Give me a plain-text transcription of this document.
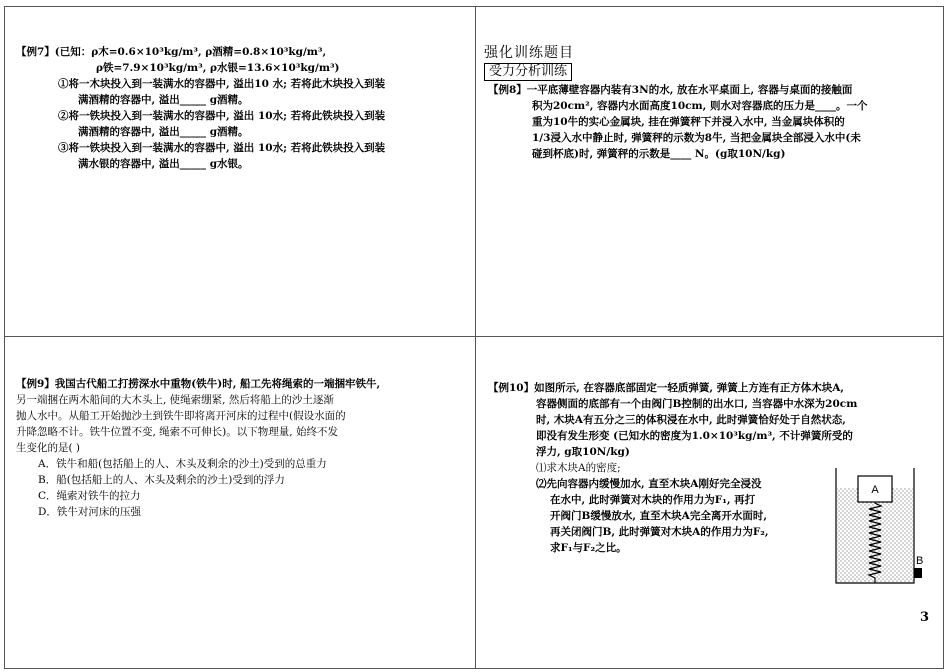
【例7】(已知：ρ木=0.6×10³kg/m³, ρ酒精=0.8×10³kg/m³,

ρ铁=7.9×10³kg/m³, ρ水银=13.6×10³kg/m³)

①将一木块投入到一装满水的容器中, 溢出10 水; 若将此木块投入到装

满酒精的容器中, 溢出_____ g酒精。

②将一铁块投入到一装满水的容器中, 溢出 10水; 若将此铁块投入到装

满酒精的容器中, 溢出_____ g酒精。

③将一铁块投入到一装满水的容器中, 溢出 10水; 若将此铁块投入到装

满水银的容器中, 溢出_____ g水银。

强化训练题目
受力分析训练

【例8】一平底薄壁容器内装有3N的水, 放在水平桌面上, 容器与桌面的接触面

积为20cm², 容器内水面高度10cm, 则水对容器底的压力是____。一个

重为10牛的实心金属块, 挂在弹簧秤下并浸入水中, 当金属块体积的

1/3浸入水中静止时, 弹簧秤的示数为8牛, 当把金属块全部浸入水中(未

碰到杯底)时, 弹簧秤的示数是____ N。(g取10N/kg)

【例9】我国古代船工打捞深水中重物(铁牛)时, 船工先将绳索的一端捆牢铁牛,

另一端捆在两木船间的大木头上, 使绳索绷紧, 然后将船上的沙土逐渐

抛人水中。从船工开始抛沙土到铁牛即将离开河床的过程中(假设水面的

升降忽略不计。铁牛位置不变, 绳索不可伸长)。以下物理量, 始终不发

生变化的是( )

A．铁牛和船(包括船上的人、木头及剩余的沙土)受到的总重力

B．船(包括船上的人、木头及剩余的沙土)受到的浮力

C．绳索对铁牛的拉力

D．铁牛对河床的压强

【例10】如图所示, 在容器底部固定一轻质弹簧, 弹簧上方连有正方体木块A,

容器侧面的底部有一个由阀门B控制的出水口, 当容器中水深为20cm

时, 木块A有五分之三的体积浸在水中, 此时弹簧恰好处于自然状态,

即没有发生形变 (已知水的密度为1.0×10³kg/m³, 不计弹簧所受的

浮力, g取10N/kg)

⑴求木块A的密度;

⑵先向容器内缓慢加水, 直至木块A刚好完全浸没

在水中, 此时弹簧对木块的作用力为F₁, 再打

开阀门B缓慢放水, 直至木块A完全离开水面时,

再关闭阀门B, 此时弹簧对木块A的作用力为F₂,

求F₁与F₂之比。

A
B
3
